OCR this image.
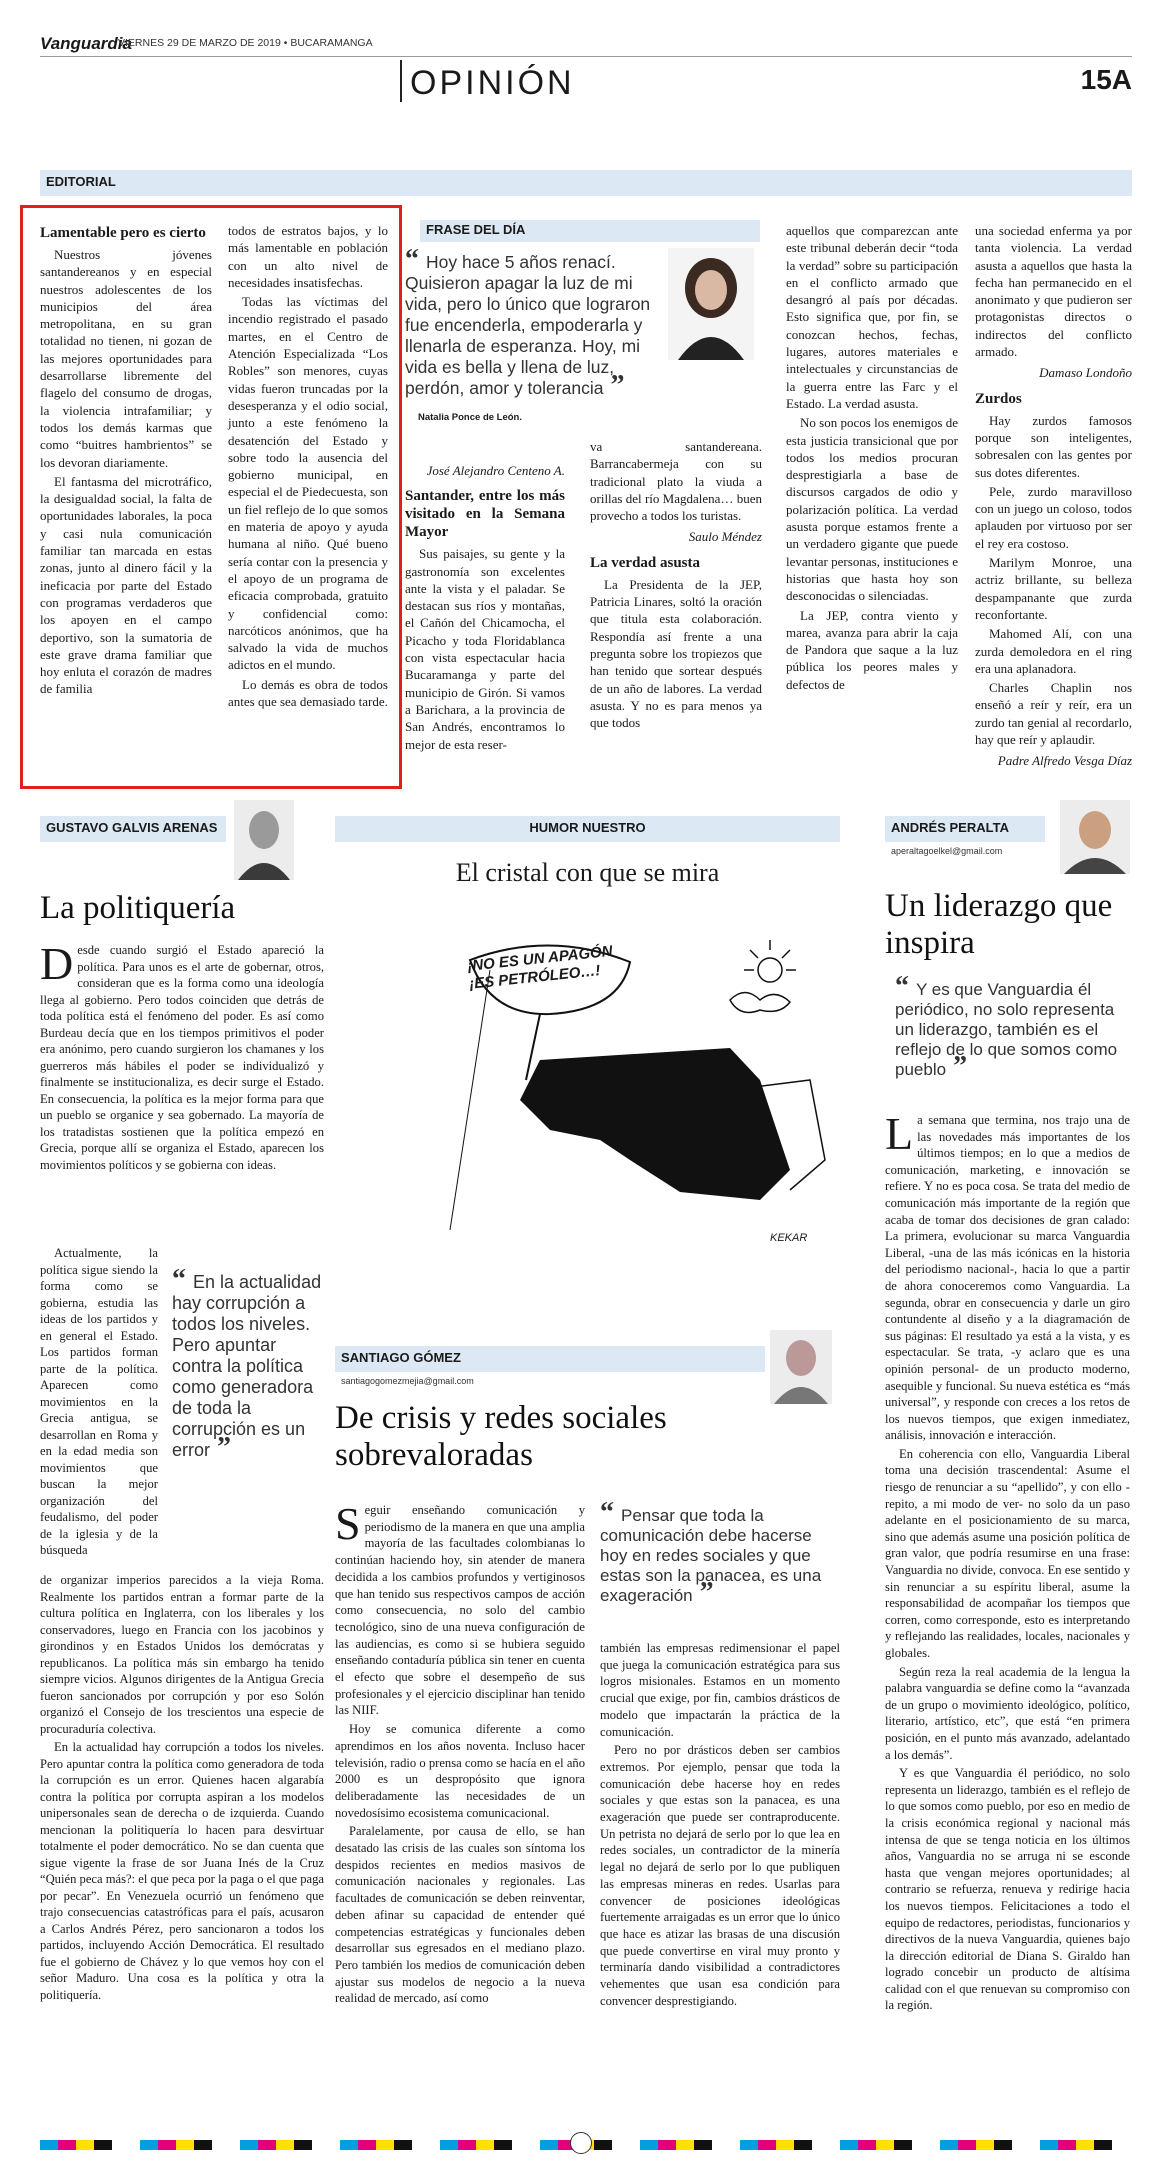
Vanguardia
VIERNES 29 DE MARZO DE 2019 • BUCARAMANGA
OPINIÓN	15A
EDITORIAL
Lamentable pero es cierto

Nuestros jóvenes santandereanos y en especial nuestros adolescentes de los municipios del área metropolitana, en su gran totalidad no tienen, ni gozan de las mejores oportunidades para desarrollarse libremente del flagelo del consumo de drogas, la violencia intrafamiliar; y todos los demás karmas que como “buitres hambrientos” se los devoran diariamente.

El fantasma del microtráfico, la desigualdad social, la falta de oportunidades laborales, la poca y casi nula comunicación familiar tan marcada en estas zonas, junto al dinero fácil y la ineficacia por parte del Estado con programas verdaderos que los apoyen en el campo deportivo, son la sumatoria de este grave drama familiar que hoy enluta el corazón de madres de familia

todos de estratos bajos, y lo más lamentable en población con un alto nivel de necesidades insatisfechas.

Todas las víctimas del incendio registrado el pasado martes, en el Centro de Atención Especializada “Los Robles” son menores, cuyas vidas fueron truncadas por la desesperanza y el odio social, junto a este fenómeno la desatención del Estado y sobre todo la ausencia del gobierno municipal, en especial el de Piedecuesta, son un fiel reflejo de lo que somos en materia de apoyo y ayuda humana al niño. Qué bueno sería contar con la presencia y el apoyo de un programa de eficacia comprobada, gratuito y confidencial como: narcóticos anónimos, que ha salvado la vida de muchos adictos en el mundo.

Lo demás es obra de todos antes que sea demasiado tarde.

FRASE DEL DÍA
“ Hoy hace 5 años renací. Quisieron apagar la luz de mi vida, pero lo único que lograron fue encenderla, empoderarla y llenarla de esperanza. Hoy, mi vida es bella y llena de luz, perdón, amor y tolerancia ”
Natalia Ponce de León.

José Alejandro Centeno A.

Santander, entre los más visitado en la Semana Mayor

Sus paisajes, su gente y la gastronomía son excelentes ante la vista y el paladar. Se destacan sus ríos y montañas, el Cañón del Chicamocha, el Picacho y toda Floridablanca con vista espectacular hacia Bucaramanga y parte del municipio de Girón. Si vamos a Barichara, a la provincia de San Andrés, encontramos lo mejor de esta reser-

va santandereana. Barrancabermeja con su tradicional plato la viuda a orillas del río Magdalena… buen provecho a todos los turistas.

Saulo Méndez

La verdad asusta

La Presidenta de la JEP, Patricia Linares, soltó la oración que titula esta colaboración. Respondía así frente a una pregunta sobre los tropiezos que han tenido que sortear después de un año de labores. La verdad asusta. Y no es para menos ya que todos

aquellos que comparezcan ante este tribunal deberán decir “toda la verdad” sobre su participación en el conflicto armado que desangró al país por décadas. Esto significa que, por fin, se conozcan hechos, fechas, lugares, autores materiales e intelectuales y circunstancias de la guerra entre las Farc y el Estado. La verdad asusta.

No son pocos los enemigos de esta justicia transicional que por todos los medios procuran desprestigiarla a base de discursos cargados de odio y polarización política. La verdad asusta porque estamos frente a un verdadero gigante que puede levantar personas, instituciones e historias que hasta hoy son desconocidas o silenciadas.

La JEP, contra viento y marea, avanza para abrir la caja de Pandora que saque a la luz pública los peores males y defectos de

una sociedad enferma ya por tanta violencia. La verdad asusta a aquellos que hasta la fecha han permanecido en el anonimato y que pudieron ser protagonistas directos o indirectos del conflicto armado.

Damaso Londoño

Zurdos

Hay zurdos famosos porque son inteligentes, sobresalen con las gentes por sus dotes diferentes.

Pele, zurdo maravilloso con un juego un coloso, todos aplauden por virtuoso por ser el rey era costoso.

Marilym Monroe, una actriz brillante, su belleza despampanante que zurda reconfortante.

Mahomed Alí, con una zurda demoledora en el ring era una aplanadora.

Charles Chaplin nos enseñó a reír y reír, era un zurdo tan genial al recordarlo, hay que reír y aplaudir.

Padre Alfredo Vesga Díaz

GUSTAVO GALVIS ARENAS
La politiquería
Desde cuando surgió el Estado apareció la política. Para unos es el arte de gobernar, otros, consideran que es la forma como una ideología llega al gobierno. Pero todos coinciden que detrás de toda política está el fenómeno del poder. Es así como Burdeau decía que en los tiempos primitivos el poder era anónimo, pero cuando surgieron los chamanes y los guerreros más hábiles el poder se individualizó y finalmente se institucionaliza, es decir surge el Estado. En consecuencia, la política es la mejor forma para que un pueblo se organice y sea gobernado. La mayoría de los tratadistas sostienen que la política empezó en Grecia, porque allí se organiza el Estado, aparecen los movimientos políticos y se gobierna con ideas.

Actualmente, la política sigue siendo la forma como se gobierna, estudia las ideas de los partidos y en general el Estado. Los partidos forman parte de la política. Aparecen como movimientos en la Grecia antigua, se desarrollan en Roma y en la edad media son movimientos que buscan la mejor organización del feudalismo, del poder de la iglesia y de la búsqueda

“ En la actualidad hay corrupción a todos los niveles. Pero apuntar contra la política como generadora de toda la corrupción es un error ”

de organizar imperios parecidos a la vieja Roma. Realmente los partidos entran a formar parte de la cultura política en Inglaterra, con los liberales y los conservadores, luego en Francia con los jacobinos y girondinos y en Estados Unidos los demócratas y republicanos. La política más sin embargo ha tenido siempre vicios. Algunos dirigentes de la Antigua Grecia fueron sancionados por corrupción y por eso Solón organizó el Consejo de los trescientos una especie de procuraduría colectiva.

En la actualidad hay corrupción a todos los niveles. Pero apuntar contra la política como generadora de toda la corrupción es un error. Quienes hacen algarabía contra la política por corrupta aspiran a los modelos unipersonales sean de derecha o de izquierda. Cuando mencionan la politiquería lo hacen para desvirtuar totalmente el poder democrático. No se dan cuenta que sigue vigente la frase de sor Juana Inés de la Cruz “Quién peca más?: el que peca por la paga o el que paga por pecar”. En Venezuela ocurrió un fenómeno que trajo consecuencias catastróficas para el país, acusaron a Carlos Andrés Pérez, pero sancionaron a todos los partidos, incluyendo Acción Democrática. El resultado fue el gobierno de Chávez y lo que vemos hoy con el señor Maduro. Una cosa es la política y otra la politiquería.

HUMOR NUESTRO
El cristal con que se mira
¡NO ES UN APAGÓN ¡ES PETRÓLEO…!
KEKAR
SANTIAGO GÓMEZ
santiagogomezmejia@gmail.com
De crisis y redes sociales sobrevaloradas

Seguir enseñando comunicación y periodismo de la manera en que una amplia mayoría de las facultades colombianas lo continúan haciendo hoy, sin atender de manera decidida a los cambios profundos y vertiginosos que han tenido sus respectivos campos de acción como consecuencia, no solo del cambio tecnológico, sino de una nueva configuración de las audiencias, es como si se hubiera seguido enseñando contaduría pública sin tener en cuenta el efecto que sobre el desempeño de sus profesionales y el ejercicio disciplinar han tenido las NIIF.

Hoy se comunica diferente a como aprendimos en los años noventa. Incluso hacer televisión, radio o prensa como se hacía en el año 2000 es un despropósito que ignora deliberadamente las necesidades de un novedosísimo ecosistema comunicacional.

Paralelamente, por causa de ello, se han desatado las crisis de las cuales son síntoma los despidos recientes en medios masivos de comunicación nacionales y regionales. Las facultades de comunicación se deben reinventar, deben afinar su capacidad de entender qué competencias estratégicas y funcionales deben desarrollar sus egresados en el mediano plazo. Pero también los medios de comunicación deben ajustar sus modelos de negocio a la nueva realidad de mercado, así como

“ Pensar que toda la comunicación debe hacerse hoy en redes sociales y que estas son la panacea, es una exageración ”

también las empresas redimensionar el papel que juega la comunicación estratégica para sus logros misionales. Estamos en un momento crucial que exige, por fin, cambios drásticos de modelo que impactarán la práctica de la comunicación.

Pero no por drásticos deben ser cambios extremos. Por ejemplo, pensar que toda la comunicación debe hacerse hoy en redes sociales y que estas son la panacea, es una exageración que puede ser contraproducente. Un petrista no dejará de serlo por lo que lea en redes sociales, un contradictor de la minería legal no dejará de serlo por lo que publiquen las empresas mineras en redes. Usarlas para convencer de posiciones ideológicas fuertemente arraigadas es un error que lo único que hace es atizar las brasas de una discusión que puede convertirse en viral muy pronto y terminaría dando visibilidad a contradictores vehementes que usan esa condición para convencer desprestigiando.

ANDRÉS PERALTA
aperaltagoelkel@gmail.com
Un liderazgo que inspira
“ Y es que Vanguardia él periódico, no solo representa un liderazgo, también es el reflejo de lo que somos como pueblo ”

La semana que termina, nos trajo una de las novedades más importantes de los últimos tiempos; en lo que a medios de comunicación, marketing, e innovación se refiere. Y no es poca cosa. Se trata del medio de comunicación más importante de la región que acaba de tomar dos decisiones de gran calado: La primera, evolucionar su marca Vanguardia Liberal, -una de las más icónicas en la historia del periodismo nacional-, hacia lo que a partir de ahora conoceremos como Vanguardia. La segunda, obrar en consecuencia y darle un giro contundente al diseño y a la diagramación de sus páginas: El resultado ya está a la vista, y es espectacular. Se trata, -y aclaro que es una opinión personal- de un producto moderno, asequible y funcional. Su nueva estética es “más universal”, y responde con creces a los retos de los nuevos tiempos, que exigen inmediatez, análisis, innovación e interacción.

En coherencia con ello, Vanguardia Liberal toma una decisión trascendental: Asume el riesgo de renunciar a su “apellido”, y con ello -repito, a mi modo de ver- no solo da un paso adelante en el posicionamiento de su marca, sino que además asume una posición política de gran valor, que podría resumirse en una frase: Vanguardia no divide, convoca. En ese sentido y sin renunciar a su espíritu liberal, asume la responsabilidad de acompañar los tiempos que corren, como corresponde, esto es interpretando y reflejando las realidades, locales, nacionales y globales.

Según reza la real academia de la lengua la palabra vanguardia se define como la “avanzada de un grupo o movimiento ideológico, político, literario, artístico, etc”, que está “en primera posición, en el punto más avanzado, adelantado a los demás”.

Y es que Vanguardia él periódico, no solo representa un liderazgo, también es el reflejo de lo que somos como pueblo, por eso en medio de la crisis económica regional y nacional más intensa de que se tenga noticia en los últimos años, Vanguardia no se arruga ni se esconde hasta que vengan mejores oportunidades; al contrario se refuerza, renueva y redirige hacia los nuevos tiempos. Felicitaciones a todo el equipo de redactores, periodistas, funcionarios y directivos de la nueva Vanguardia, quienes bajo la dirección editorial de Diana S. Giraldo han logrado concebir un producto de altísima calidad con el que renuevan su compromiso con la región.
